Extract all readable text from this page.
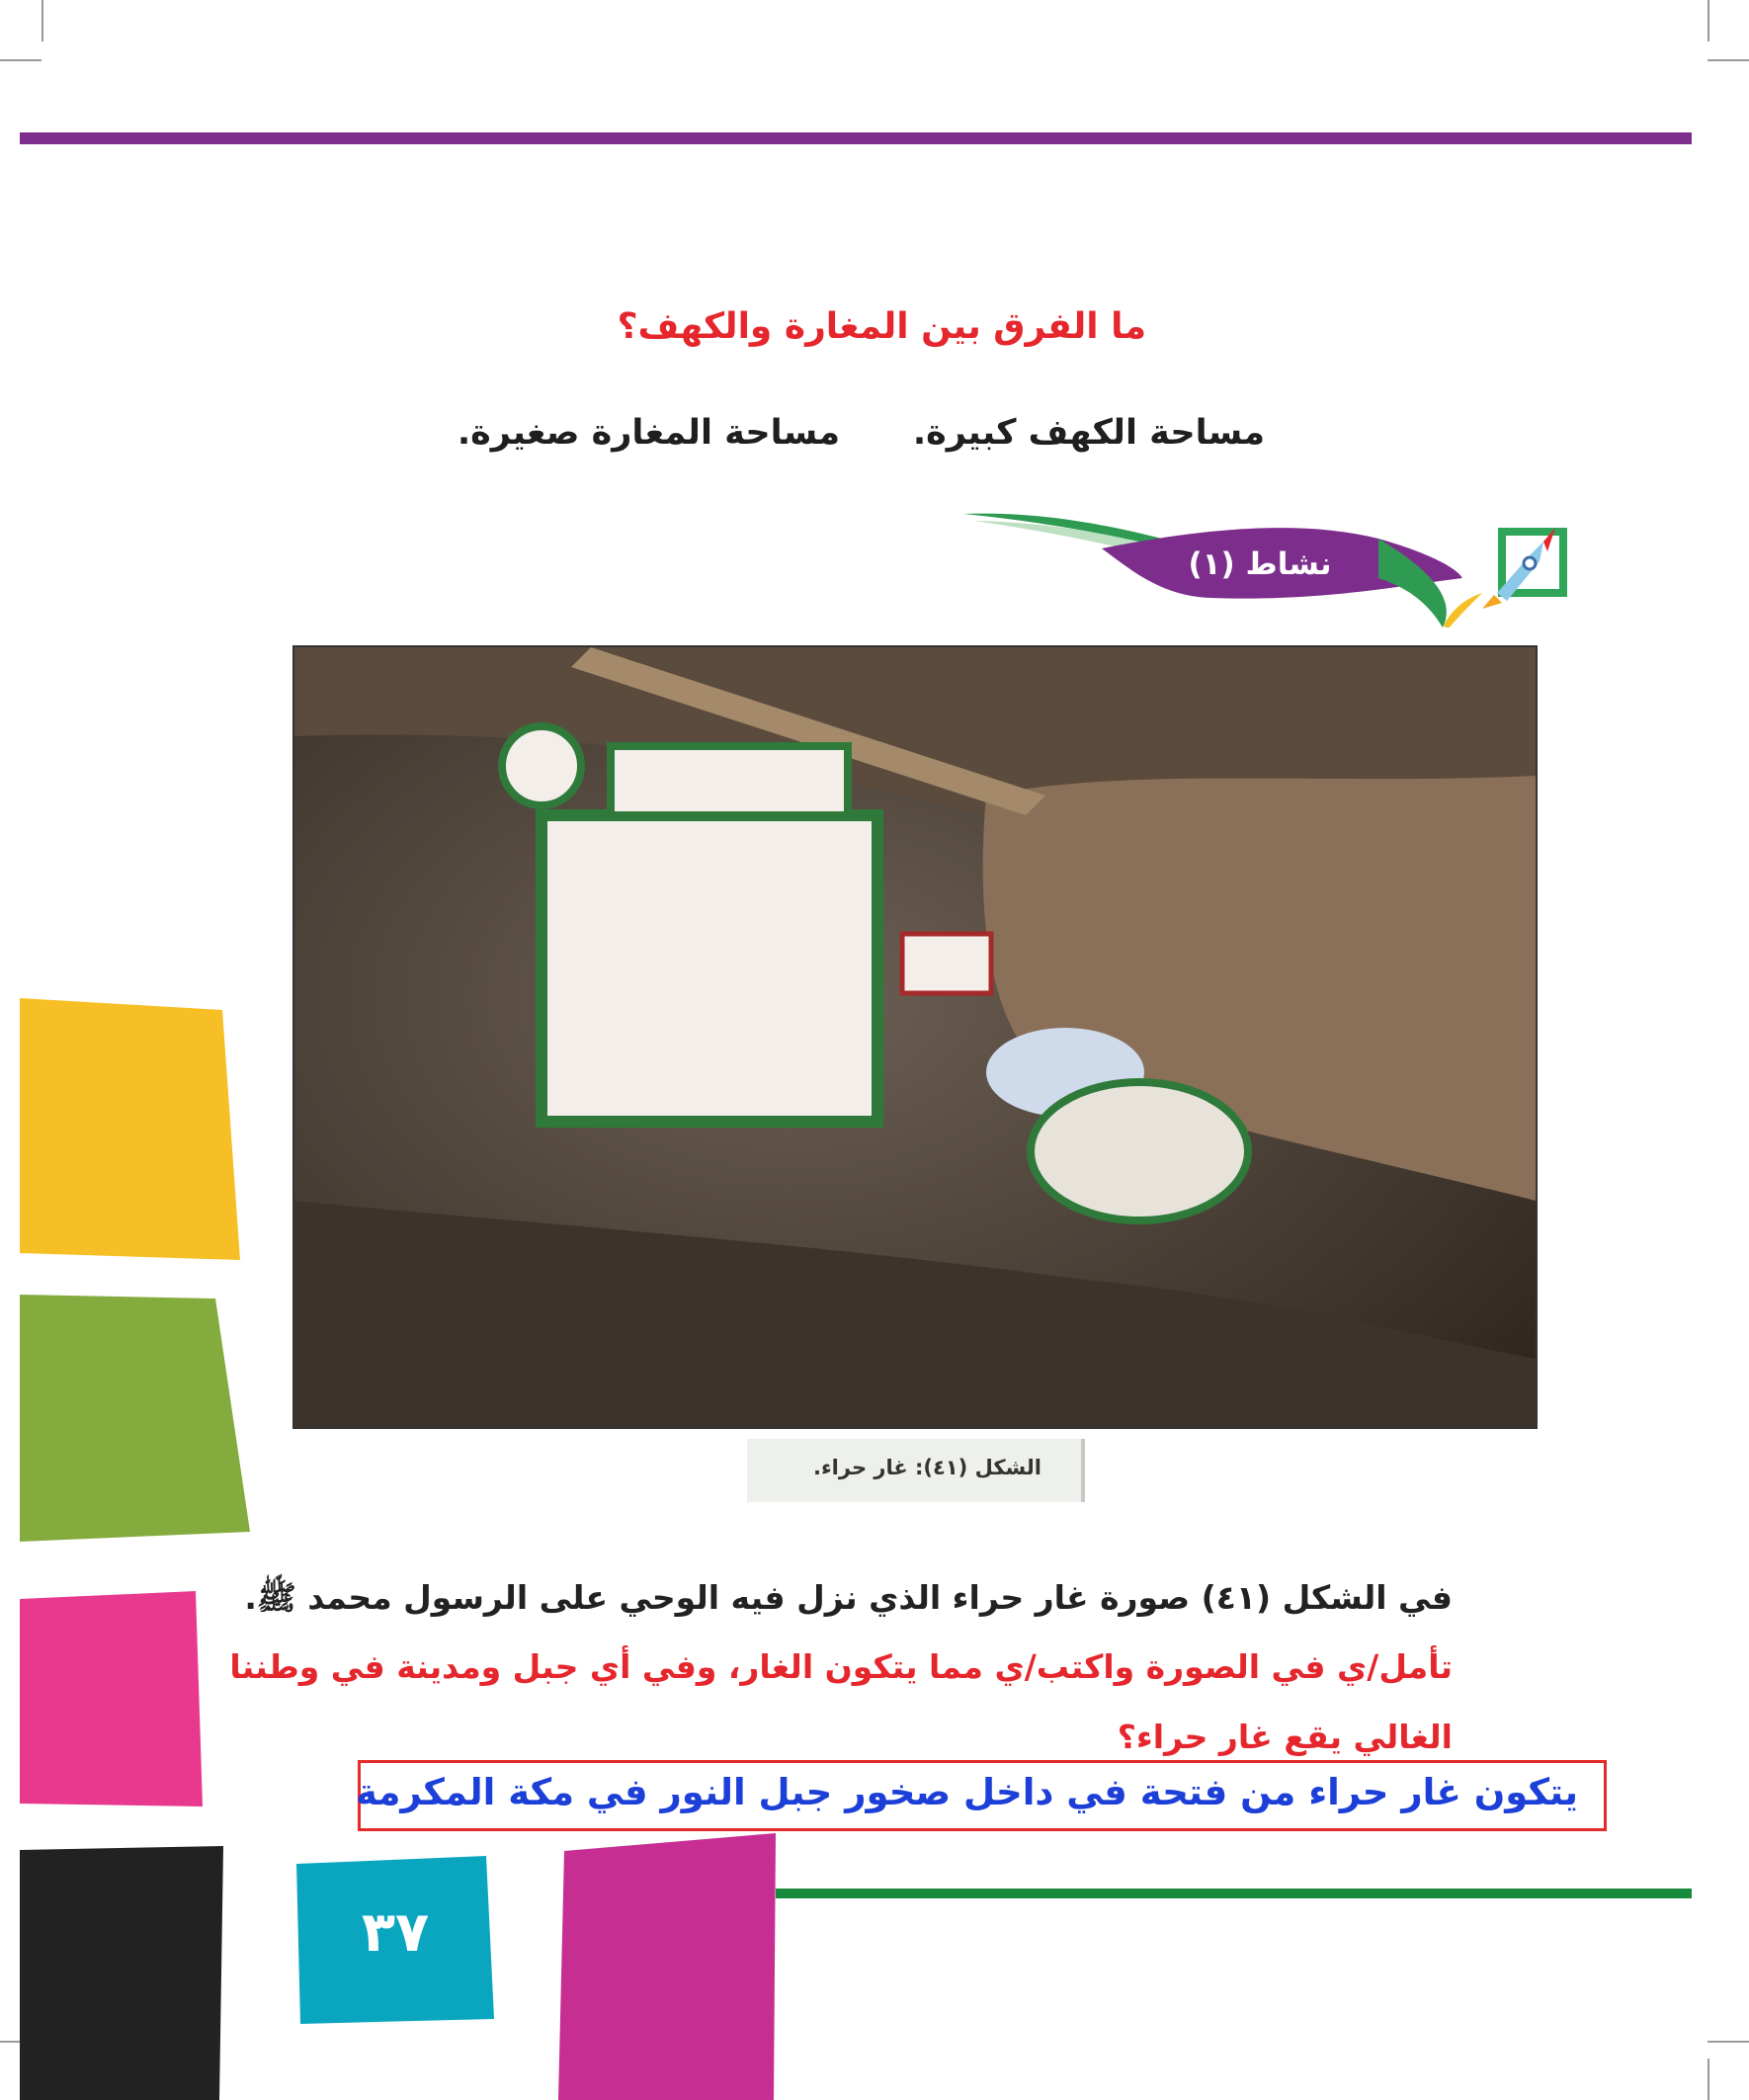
ما الفرق بين المغارة والكهف؟
مساحة الكهف كبيرة.
مساحة المغارة صغيرة.
نشاط (١)
الشكل (٤١): غار حراء.
في الشكل (٤١) صورة غار حراء الذي نزل فيه الوحي على الرسول محمد ﷺ.
تأمل/ي في الصورة واكتب/ي مما يتكون الغار، وفي أي جبل ومدينة في وطننا
الغالي يقع غار حراء؟
يتكون غار حراء من فتحة في داخل صخور جبل النور في مكة المكرمة
٣٧
